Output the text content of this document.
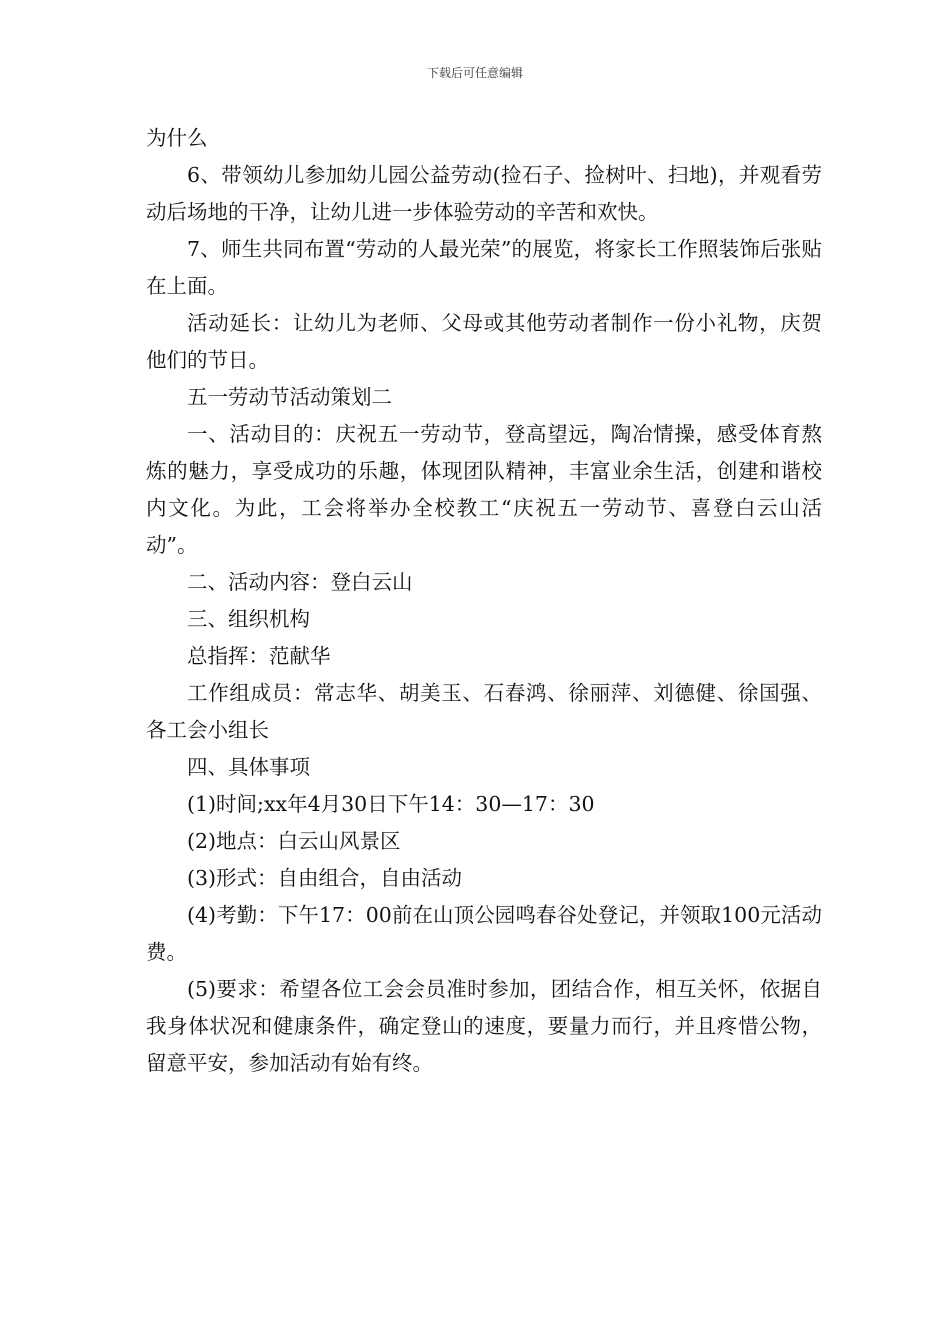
下载后可任意编辑

为什么

6、带领幼儿参加幼儿园公益劳动(捡石子、捡树叶、扫地)，并观看劳动后场地的干净，让幼儿进一步体验劳动的辛苦和欢快。

7、师生共同布置“劳动的人最光荣”的展览，将家长工作照装饰后张贴在上面。

活动延长：让幼儿为老师、父母或其他劳动者制作一份小礼物，庆贺他们的节日。

五一劳动节活动策划二

一、活动目的：庆祝五一劳动节，登高望远，陶冶情操，感受体育熬炼的魅力，享受成功的乐趣，体现团队精神，丰富业余生活，创建和谐校内文化。为此，工会将举办全校教工“庆祝五一劳动节、喜登白云山活动”。

二、活动内容：登白云山

三、组织机构

总指挥：范献华

工作组成员：常志华、胡美玉、石春鸿、徐丽萍、刘德健、徐国强、各工会小组长

四、具体事项

(1)时间;xx年4月30日下午14：30—17：30

(2)地点：白云山风景区

(3)形式：自由组合，自由活动

(4)考勤：下午17：00前在山顶公园鸣春谷处登记，并领取100元活动费。

(5)要求：希望各位工会会员准时参加，团结合作，相互关怀，依据自我身体状况和健康条件，确定登山的速度，要量力而行，并且疼惜公物，留意平安，参加活动有始有终。
